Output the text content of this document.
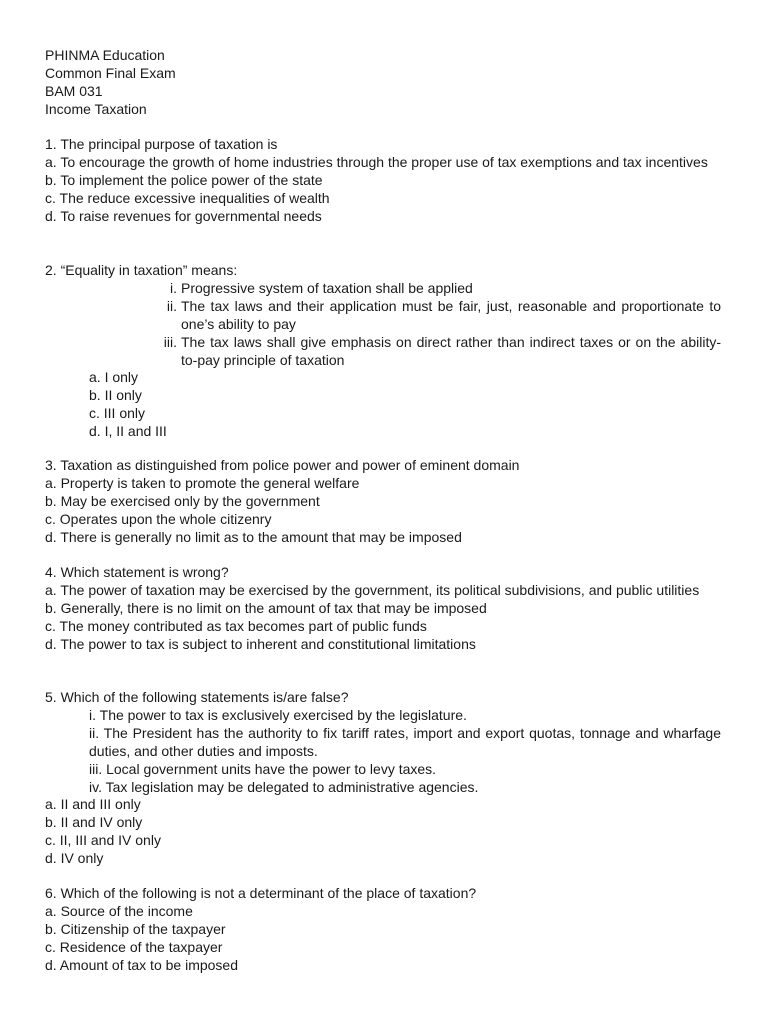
PHINMA Education
Common Final Exam
BAM 031
Income Taxation
1. The principal purpose of taxation is
a. To encourage the growth of home industries through the proper use of tax exemptions and tax incentives
b. To implement the police power of the state
c. The reduce excessive inequalities of wealth
d. To raise revenues for governmental needs
2. “Equality in taxation” means:
i. Progressive system of taxation shall be applied
ii. The tax laws and their application must be fair, just, reasonable and proportionate to one’s ability to pay
iii. The tax laws shall give emphasis on direct rather than indirect taxes or on the ability-to-pay principle of taxation
a. I only
b. II only
c. III only
d. I, II and III
3. Taxation as distinguished from police power and power of eminent domain
a. Property is taken to promote the general welfare
b. May be exercised only by the government
c. Operates upon the whole citizenry
d. There is generally no limit as to the amount that may be imposed
4. Which statement is wrong?
a. The power of taxation may be exercised by the government, its political subdivisions, and public utilities
b. Generally, there is no limit on the amount of tax that may be imposed
c. The money contributed as tax becomes part of public funds
d. The power to tax is subject to inherent and constitutional limitations
5. Which of the following statements is/are false?
i. The power to tax is exclusively exercised by the legislature.
ii. The President has the authority to fix tariff rates, import and export quotas, tonnage and wharfage duties, and other duties and imposts.
iii. Local government units have the power to levy taxes.
iv. Tax legislation may be delegated to administrative agencies.
a. II and III only
b. II and IV only
c. II, III and IV only
d. IV only
6. Which of the following is not a determinant of the place of taxation?
a. Source of the income
b. Citizenship of the taxpayer
c. Residence of the taxpayer
d. Amount of tax to be imposed
